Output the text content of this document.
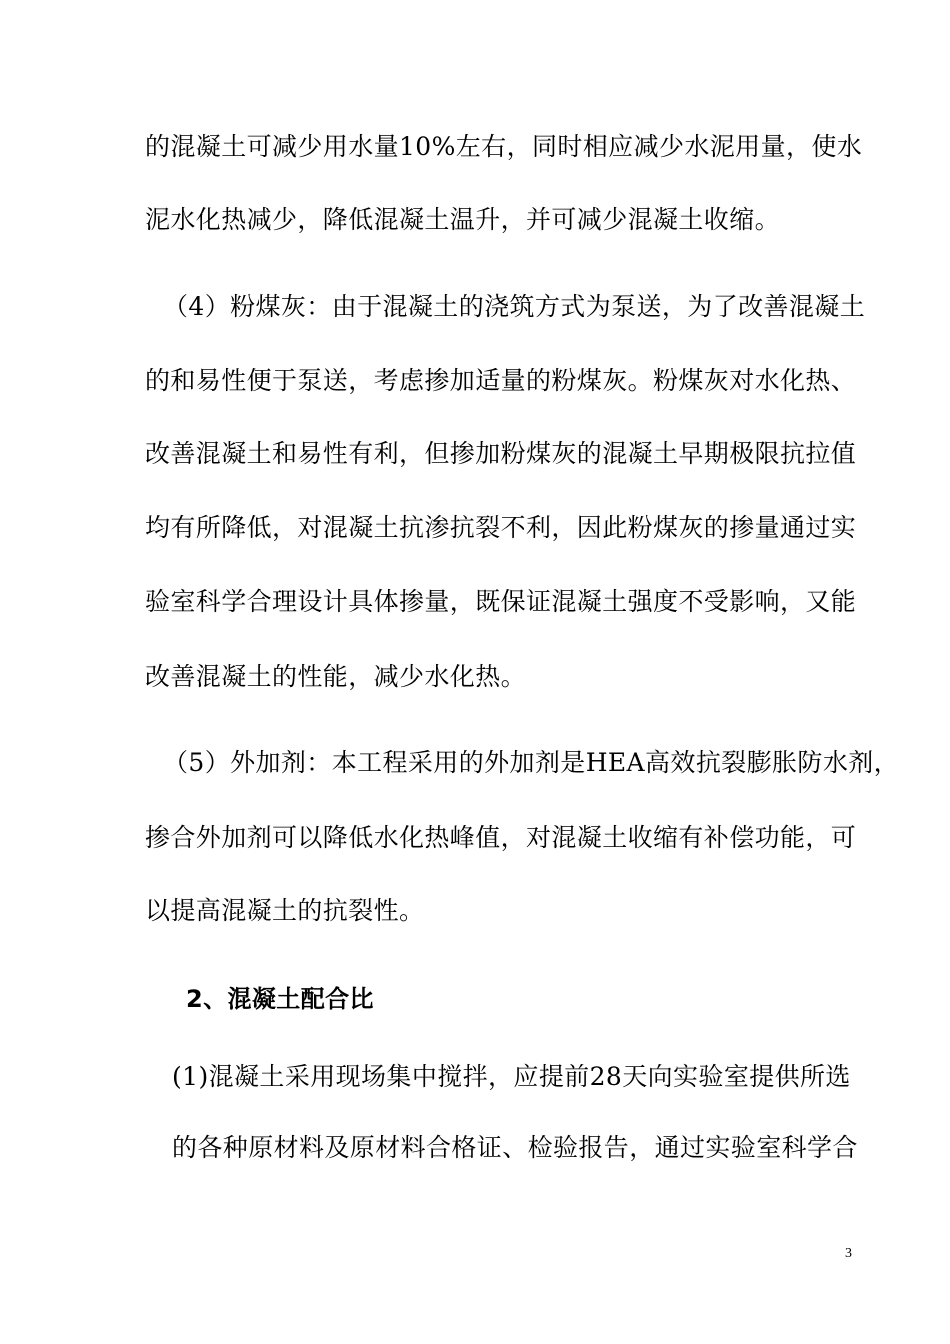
的混凝土可减少用水量10%左右，同时相应减少水泥用量，使水
泥水化热减少，降低混凝土温升，并可减少混凝土收缩。
（4）粉煤灰：由于混凝土的浇筑方式为泵送，为了改善混凝土
的和易性便于泵送，考虑掺加适量的粉煤灰。粉煤灰对水化热、
改善混凝土和易性有利，但掺加粉煤灰的混凝土早期极限抗拉值
均有所降低，对混凝土抗渗抗裂不利，因此粉煤灰的掺量通过实
验室科学合理设计具体掺量，既保证混凝土强度不受影响，又能
改善混凝土的性能，减少水化热。
（5）外加剂：本工程采用的外加剂是HEA高效抗裂膨胀防水剂，
掺合外加剂可以降低水化热峰值，对混凝土收缩有补偿功能，可
以提高混凝土的抗裂性。
2、混凝土配合比
(1)混凝土采用现场集中搅拌，应提前28天向实验室提供所选
的各种原材料及原材料合格证、检验报告，通过实验室科学合
3
